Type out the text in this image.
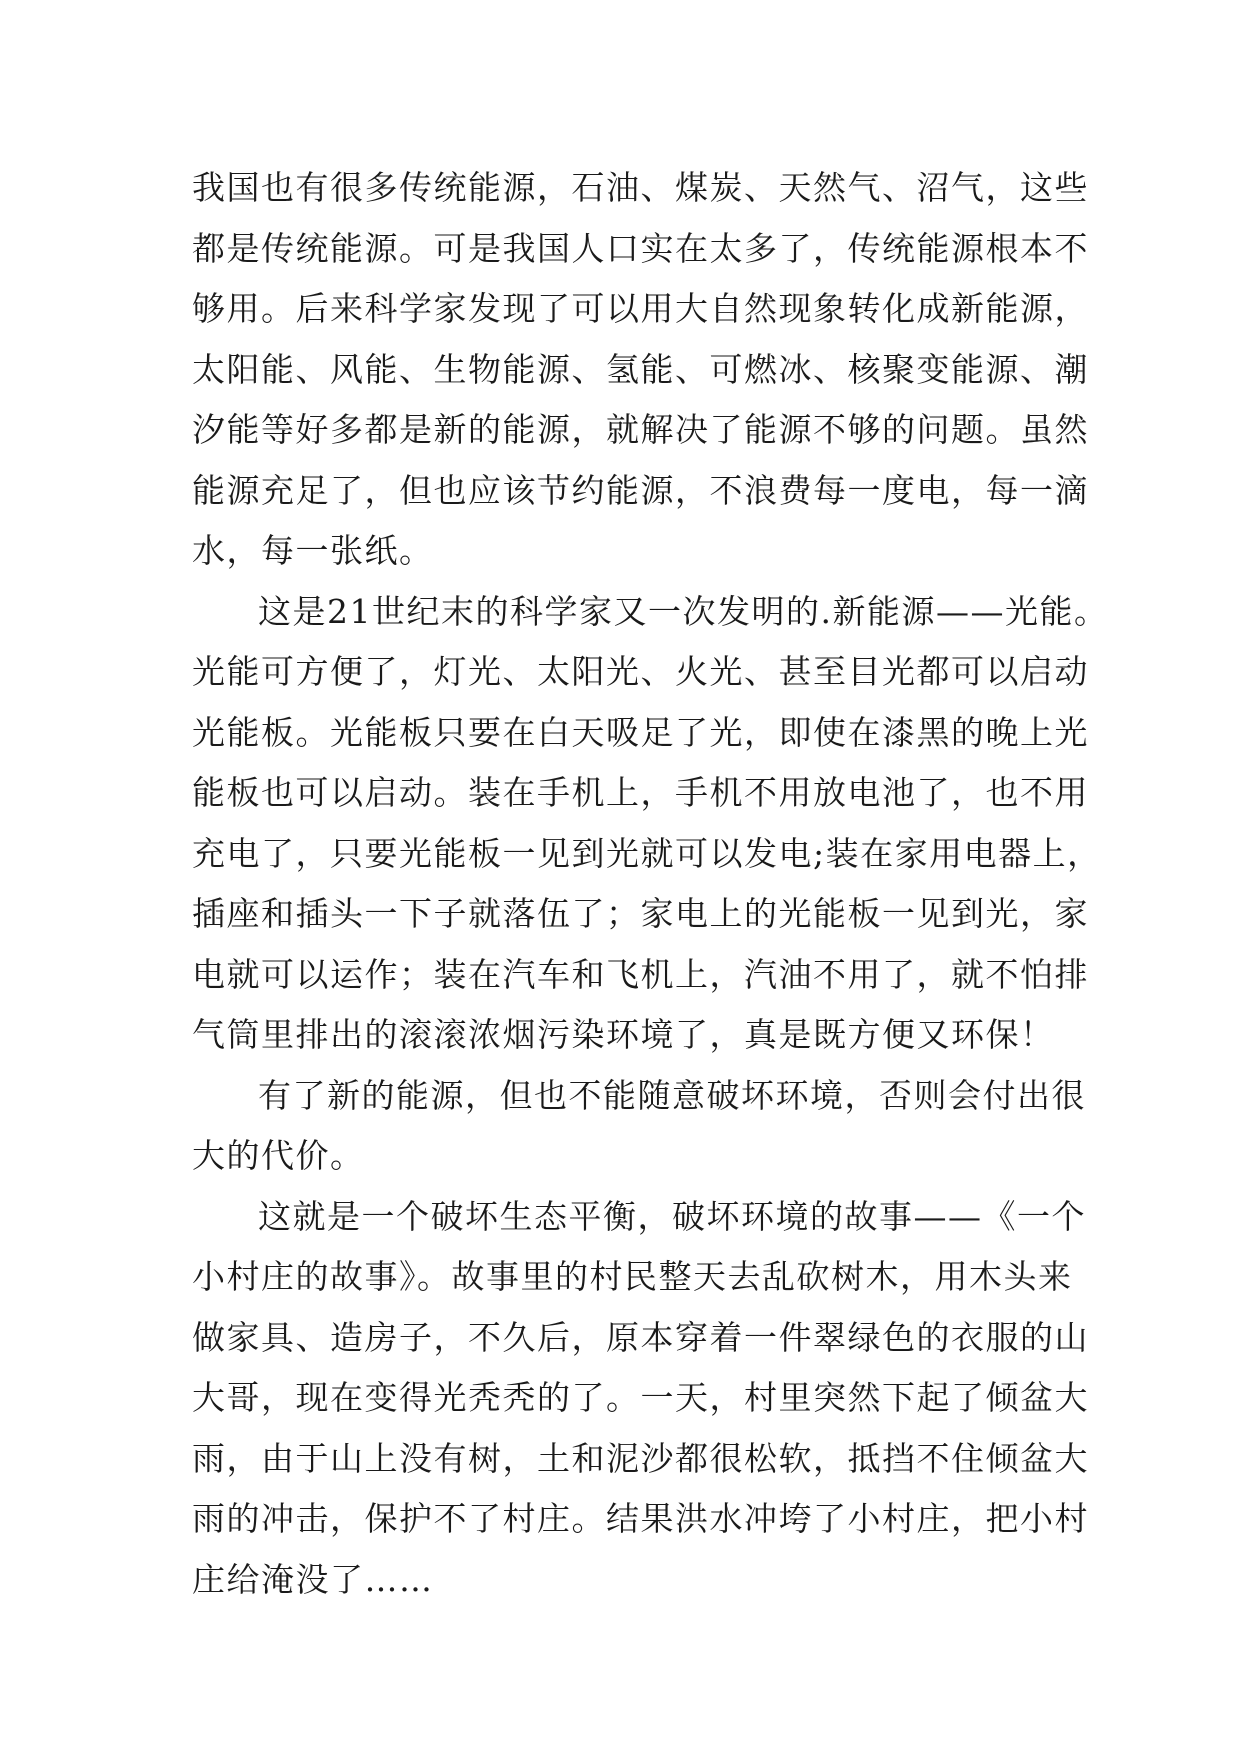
我国也有很多传统能源，石油、煤炭、天然气、沼气，这些
都是传统能源。可是我国人口实在太多了，传统能源根本不
够用。后来科学家发现了可以用大自然现象转化成新能源，
太阳能、风能、生物能源、氢能、可燃冰、核聚变能源、潮
汐能等好多都是新的能源，就解决了能源不够的问题。虽然
能源充足了，但也应该节约能源，不浪费每一度电，每一滴
水，每一张纸。
这是21世纪末的科学家又一次发明的.新能源——光能。
光能可方便了，灯光、太阳光、火光、甚至目光都可以启动
光能板。光能板只要在白天吸足了光，即使在漆黑的晚上光
能板也可以启动。装在手机上，手机不用放电池了，也不用
充电了，只要光能板一见到光就可以发电;装在家用电器上，
插座和插头一下子就落伍了；家电上的光能板一见到光，家
电就可以运作；装在汽车和飞机上，汽油不用了，就不怕排
气筒里排出的滚滚浓烟污染环境了，真是既方便又环保！
有了新的能源，但也不能随意破坏环境，否则会付出很
大的代价。
这就是一个破坏生态平衡，破坏环境的故事——《一个
小村庄的故事》。故事里的村民整天去乱砍树木，用木头来
做家具、造房子，不久后，原本穿着一件翠绿色的衣服的山
大哥，现在变得光秃秃的了。一天，村里突然下起了倾盆大
雨，由于山上没有树，土和泥沙都很松软，抵挡不住倾盆大
雨的冲击，保护不了村庄。结果洪水冲垮了小村庄，把小村
庄给淹没了……
